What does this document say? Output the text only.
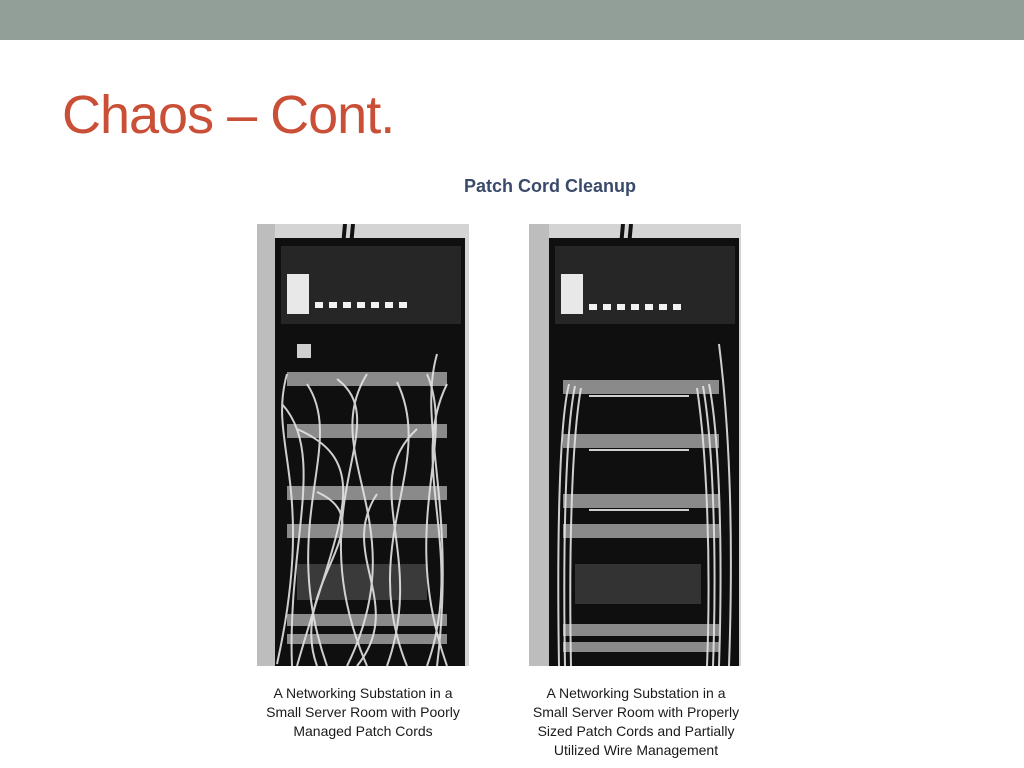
Chaos – Cont.
Patch Cord Cleanup
A Networking Substation in a
Small Server Room with Poorly
Managed Patch Cords
A Networking Substation in a
Small Server Room with Properly
Sized Patch Cords and Partially
Utilized Wire Management
